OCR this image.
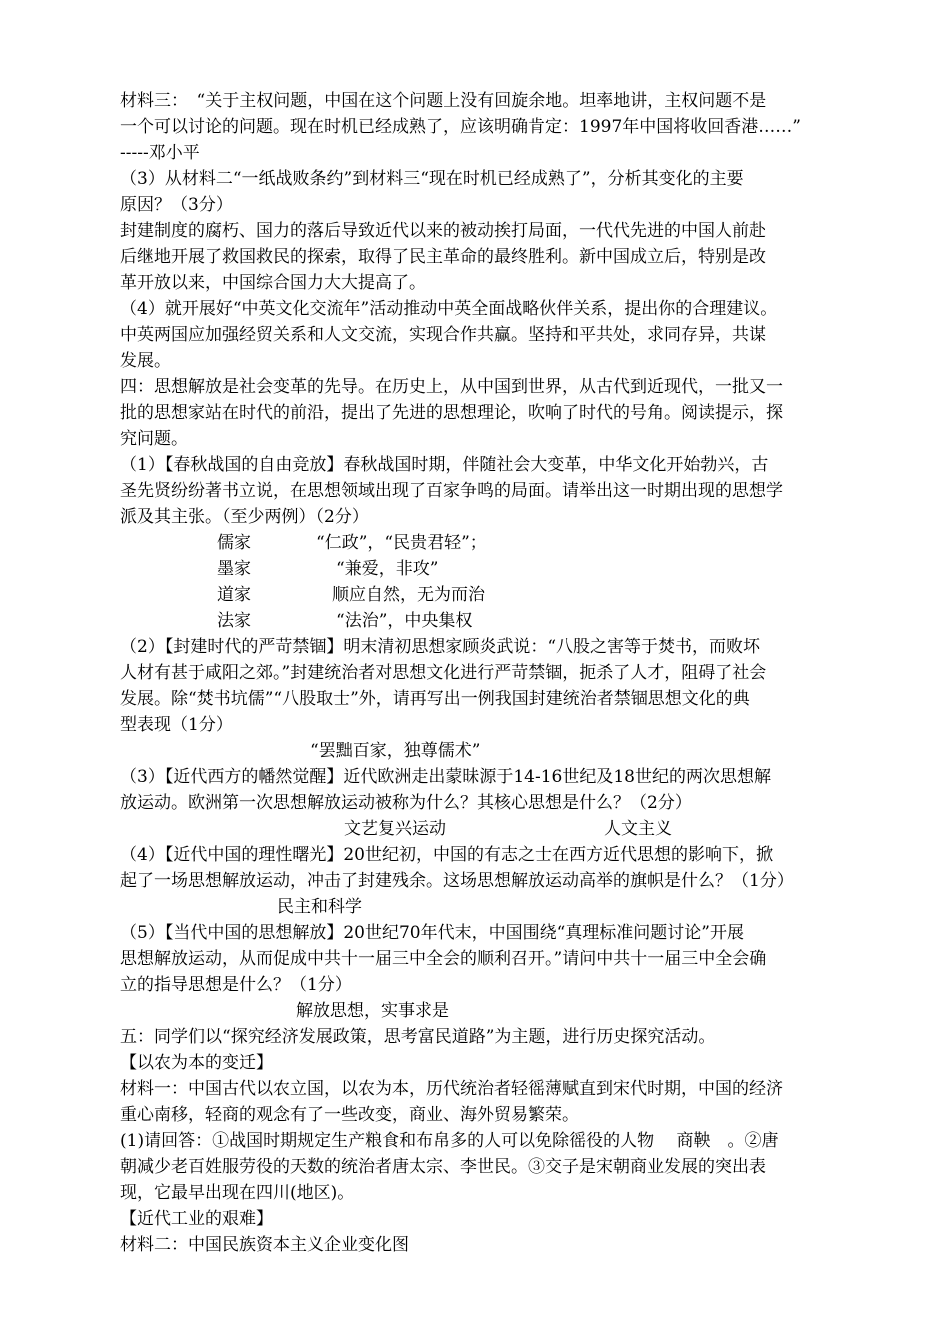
材料三：　“关于主权问题，中国在这个问题上没有回旋余地。坦率地讲，主权问题不是
一个可以讨论的问题。现在时机已经成熟了，应该明确肯定：1997年中国将收回香港……”
-----邓小平
（3）从材料二“一纸战败条约”到材料三“现在时机已经成熟了”，分析其变化的主要
原因？（3分）
封建制度的腐朽、国力的落后导致近代以来的被动挨打局面，一代代先进的中国人前赴
后继地开展了救国救民的探索，取得了民主革命的最终胜利。新中国成立后，特别是改
革开放以来，中国综合国力大大提高了。
（4）就开展好“中英文化交流年”活动推动中英全面战略伙伴关系，提出你的合理建议。
中英两国应加强经贸关系和人文交流，实现合作共赢。坚持和平共处，求同存异，共谋
发展。
四：思想解放是社会变革的先导。在历史上，从中国到世界，从古代到近现代，一批又一
批的思想家站在时代的前沿，提出了先进的思想理论，吹响了时代的号角。阅读提示，探
究问题。
（1）【春秋战国的自由竞放】春秋战国时期，伴随社会大变革，中华文化开始勃兴，古
圣先贤纷纷著书立说，在思想领域出现了百家争鸣的局面。请举出这一时期出现的思想学
派及其主张。（至少两例）（2分）
儒家	“仁政”，“民贵君轻”；
墨家	“兼爱，非攻”
道家	顺应自然，无为而治
法家	“法治”，中央集权
（2）【封建时代的严苛禁锢】明末清初思想家顾炎武说：“八股之害等于焚书，而败坏
人材有甚于咸阳之郊。”封建统治者对思想文化进行严苛禁锢，扼杀了人才，阻碍了社会
发展。除“焚书坑儒”“八股取士”外，请再写出一例我国封建统治者禁锢思想文化的典
型表现（1分）
“罢黜百家，独尊儒术”
（3）【近代西方的幡然觉醒】近代欧洲走出蒙昧源于14-16世纪及18世纪的两次思想解
放运动。欧洲第一次思想解放运动被称为什么？其核心思想是什么？（2分）
文艺复兴运动	人文主义
（4）【近代中国的理性曙光】20世纪初，中国的有志之士在西方近代思想的影响下，掀
起了一场思想解放运动，冲击了封建残余。这场思想解放运动高举的旗帜是什么？（1分）
民主和科学
（5）【当代中国的思想解放】20世纪70年代末，中国围绕“真理标准问题讨论”开展
思想解放运动，从而促成中共十一届三中全会的顺利召开。”请问中共十一届三中全会确
立的指导思想是什么？（1分）
解放思想，实事求是
五：同学们以“探究经济发展政策，思考富民道路”为主题，进行历史探究活动。
【以农为本的变迁】
材料一：中国古代以农立国，以农为本，历代统治者轻徭薄赋直到宋代时期，中国的经济
重心南移，轻商的观念有了一些改变，商业、海外贸易繁荣。
(1)请回答：①战国时期规定生产粮食和布帛多的人可以免除徭役的人物　 商鞅　。②唐
朝减少老百姓服劳役的天数的统治者唐太宗、李世民。③交子是宋朝商业发展的突出表
现，它最早出现在四川(地区)。
【近代工业的艰难】
材料二：中国民族资本主义企业变化图
